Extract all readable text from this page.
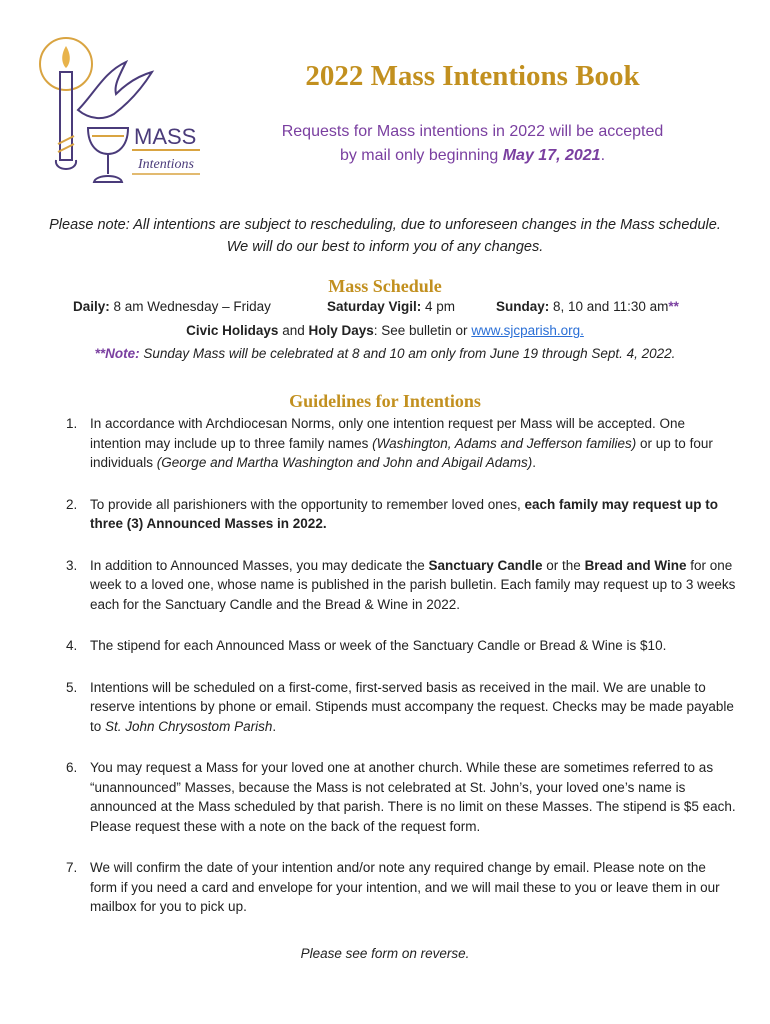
MASS
Intentions
2022 Mass Intentions Book
Requests for Mass intentions in 2022 will be accepted
by mail only beginning May 17, 2021.
Please note: All intentions are subject to rescheduling, due to unforeseen changes in the Mass schedule. We will do our best to inform you of any changes.
Mass Schedule
Daily: 8 am Wednesday – Friday	Saturday Vigil: 4 pm	Sunday: 8, 10 and 11:30 am**
Civic Holidays and Holy Days: See bulletin or www.sjcparish.org.
**Note: Sunday Mass will be celebrated at 8 and 10 am only from June 19 through Sept. 4, 2022.
Guidelines for Intentions
1. In accordance with Archdiocesan Norms, only one intention request per Mass will be accepted. One intention may include up to three family names (Washington, Adams and Jefferson families) or up to four individuals (George and Martha Washington and John and Abigail Adams).
2. To provide all parishioners with the opportunity to remember loved ones, each family may request up to three (3) Announced Masses in 2022.
3. In addition to Announced Masses, you may dedicate the Sanctuary Candle or the Bread and Wine for one week to a loved one, whose name is published in the parish bulletin. Each family may request up to 3 weeks each for the Sanctuary Candle and the Bread & Wine in 2022.
4. The stipend for each Announced Mass or week of the Sanctuary Candle or Bread & Wine is $10.
5. Intentions will be scheduled on a first-come, first-served basis as received in the mail. We are unable to reserve intentions by phone or email. Stipends must accompany the request. Checks may be made payable to St. John Chrysostom Parish.
6. You may request a Mass for your loved one at another church. While these are sometimes referred to as “unannounced” Masses, because the Mass is not celebrated at St. John’s, your loved one’s name is announced at the Mass scheduled by that parish. There is no limit on these Masses. The stipend is $5 each. Please request these with a note on the back of the request form.
7. We will confirm the date of your intention and/or note any required change by email. Please note on the form if you need a card and envelope for your intention, and we will mail these to you or leave them in our mailbox for you to pick up.
Please see form on reverse.
